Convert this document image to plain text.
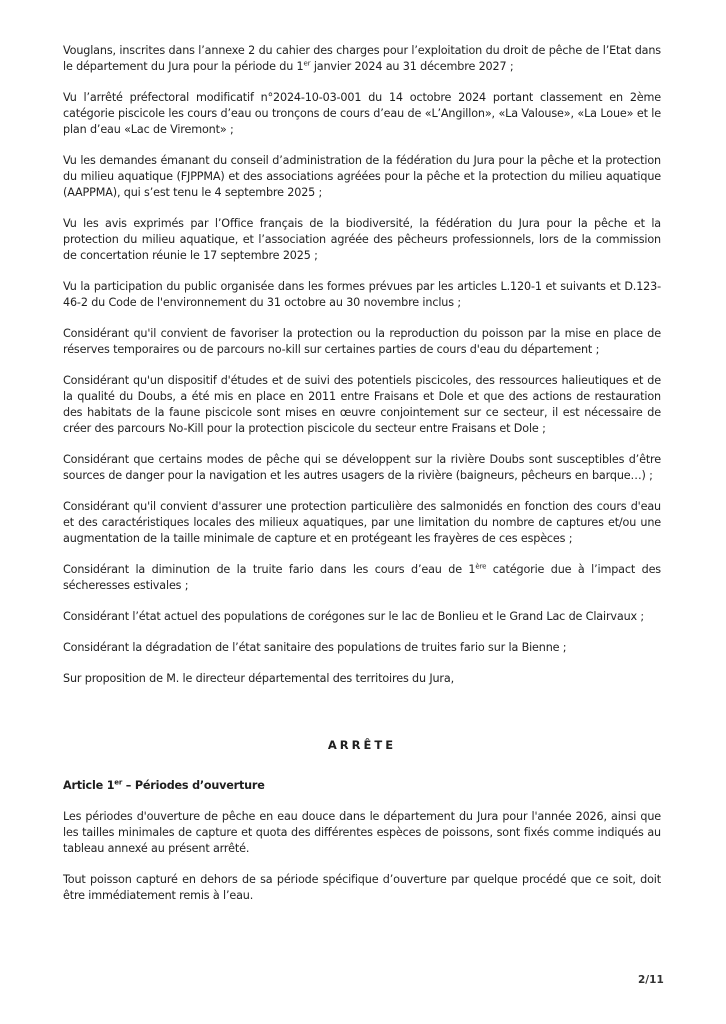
Vouglans, inscrites dans l’annexe 2 du cahier des charges pour l’exploitation du droit de pêche de l’Etat dans le département du Jura pour la période du 1er janvier 2024 au 31 décembre 2027 ;

Vu l’arrêté préfectoral modificatif n°2024-10-03-001 du 14 octobre 2024 portant classement en 2ème catégorie piscicole les cours d’eau ou tronçons de cours d’eau de «L’Angillon», «La Valouse», «La Loue» et le plan d’eau «Lac de Viremont» ;

Vu les demandes émanant du conseil d’administration de la fédération du Jura pour la pêche et la protection du milieu aquatique (FJPPMA) et des associations agréées pour la pêche et la protection du milieu aquatique (AAPPMA), qui s’est tenu le 4 septembre 2025 ;

Vu les avis exprimés par l’Office français de la biodiversité, la fédération du Jura pour la pêche et la protection du milieu aquatique, et l’association agréée des pêcheurs professionnels, lors de la commission de concertation réunie le 17 septembre 2025 ;

Vu la participation du public organisée dans les formes prévues par les articles L.120-1 et suivants et D.123-46-2 du Code de l'environnement du 31 octobre au 30 novembre inclus ;

Considérant qu'il convient de favoriser la protection ou la reproduction du poisson par la mise en place de réserves temporaires ou de parcours no-kill sur certaines parties de cours d'eau du département ;

Considérant qu'un dispositif d'études et de suivi des potentiels piscicoles, des ressources halieutiques et de la qualité du Doubs, a été mis en place en 2011 entre Fraisans et Dole et que des actions de restauration des habitats de la faune piscicole sont mises en œuvre conjointement sur ce secteur, il est nécessaire de créer des parcours No-Kill pour la protection piscicole du secteur entre Fraisans et Dole ;

Considérant que certains modes de pêche qui se développent sur la rivière Doubs sont susceptibles d’être sources de danger pour la navigation et les autres usagers de la rivière (baigneurs, pêcheurs en barque…) ;

Considérant qu'il convient d'assurer une protection particulière des salmonidés en fonction des cours d'eau et des caractéristiques locales des milieux aquatiques, par une limitation du nombre de captures et/ou une augmentation de la taille minimale de capture et en protégeant les frayères de ces espèces ;

Considérant la diminution de la truite fario dans les cours d’eau de 1ère catégorie due à l’impact des sécheresses estivales ;

Considérant l’état actuel des populations de corégones sur le lac de Bonlieu et le Grand Lac de Clairvaux ;

Considérant la dégradation de l’état sanitaire des populations de truites fario sur la Bienne ;

Sur proposition de M. le directeur départemental des territoires du Jura,

ARRÊTE
Article 1er – Périodes d’ouverture

Les périodes d'ouverture de pêche en eau douce dans le département du Jura pour l'année 2026, ainsi que les tailles minimales de capture et quota des différentes espèces de poissons, sont fixés comme indiqués au tableau annexé au présent arrêté.

Tout poisson capturé en dehors de sa période spécifique d’ouverture par quelque procédé que ce soit, doit être immédiatement remis à l’eau.

2/11
